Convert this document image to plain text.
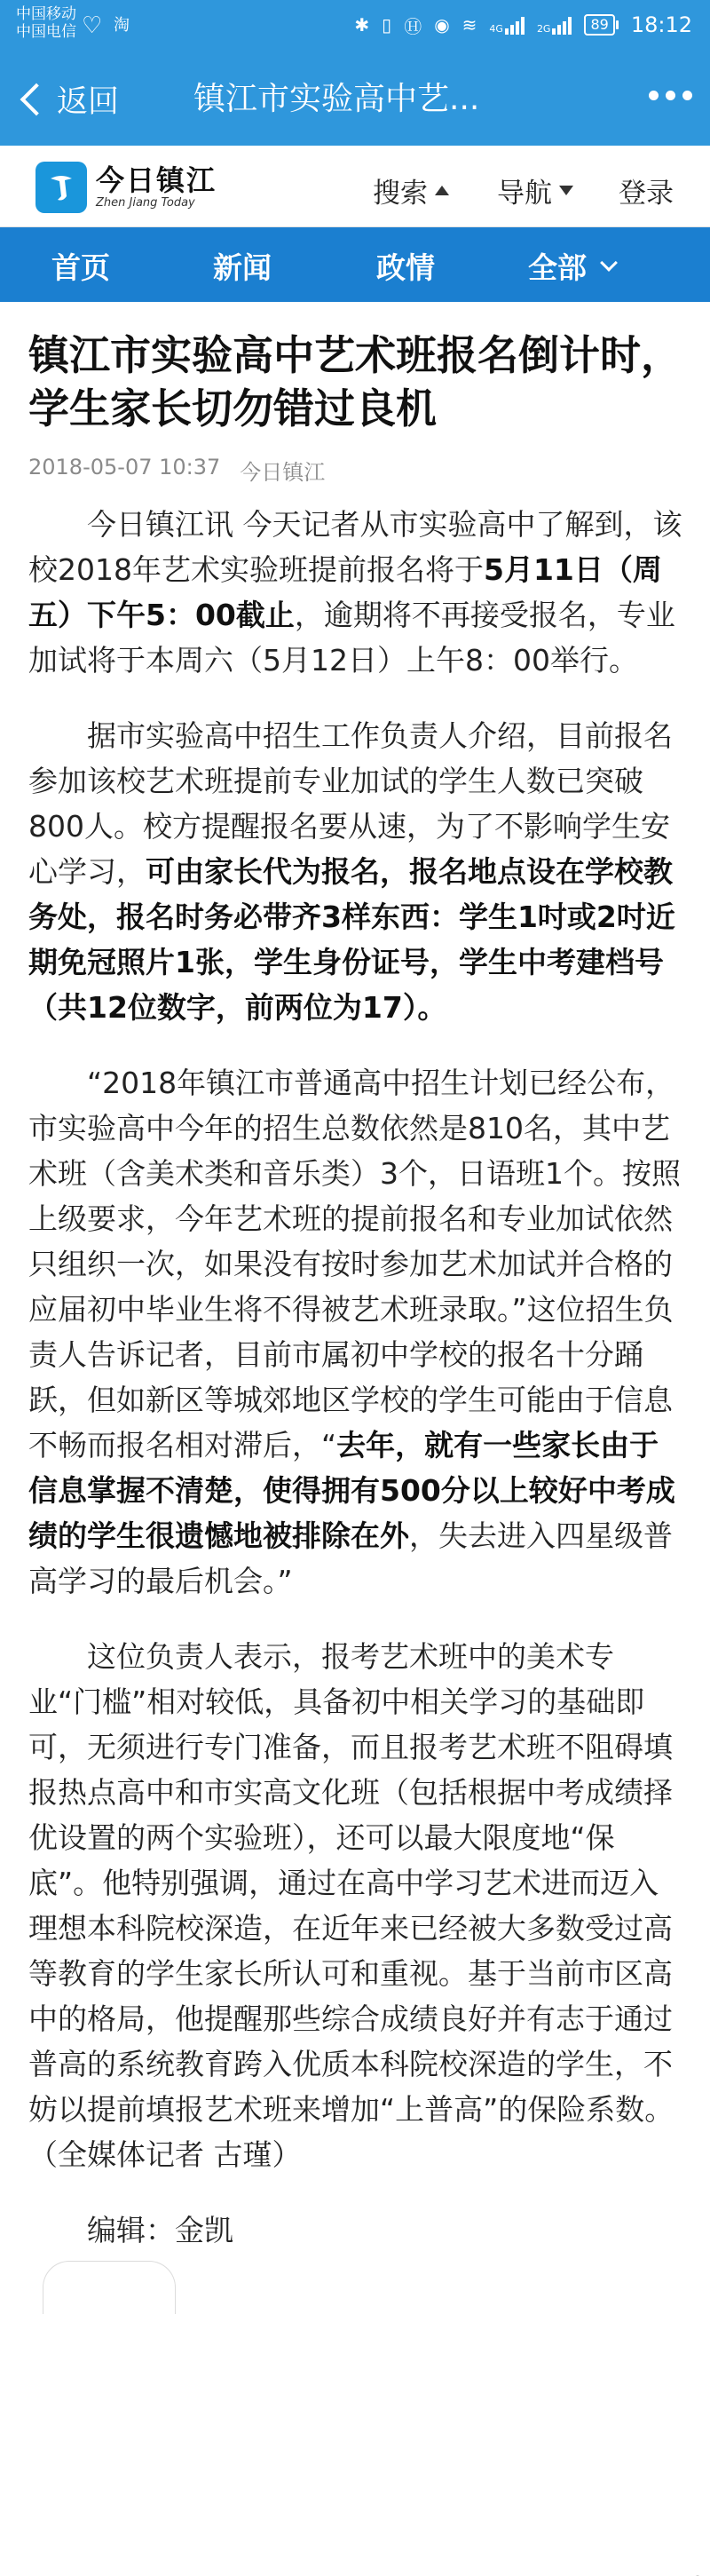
中国移动
中国电信 ♡ 淘	✱ ▯ Ⓗ ◉ ≋ 4G	2G	89 18:12
返回 镇江市实验高中艺...
今日镇江
Zhen Jiang Today	搜索	导航 登录
首页	新闻	政情	全部
镇江市实验高中艺术班报名倒计时，学生家长切勿错过良机
2018-05-07 10:37 今日镇江

今日镇江讯 今天记者从市实验高中了解到，该校2018年艺术实验班提前报名将于5月11日（周五）下午5：00截止，逾期将不再接受报名，专业加试将于本周六（5月12日）上午8：00举行。

据市实验高中招生工作负责人介绍，目前报名参加该校艺术班提前专业加试的学生人数已突破800人。校方提醒报名要从速，为了不影响学生安心学习，可由家长代为报名，报名地点设在学校教务处，报名时务必带齐3样东西：学生1吋或2吋近期免冠照片1张，学生身份证号，学生中考建档号（共12位数字，前两位为17）。

“2018年镇江市普通高中招生计划已经公布，市实验高中今年的招生总数依然是810名，其中艺术班（含美术类和音乐类）3个，日语班1个。按照上级要求，今年艺术班的提前报名和专业加试依然只组织一次，如果没有按时参加艺术加试并合格的应届初中毕业生将不得被艺术班录取。”这位招生负责人告诉记者，目前市属初中学校的报名十分踊跃，但如新区等城郊地区学校的学生可能由于信息不畅而报名相对滞后，“去年，就有一些家长由于信息掌握不清楚，使得拥有500分以上较好中考成绩的学生很遗憾地被排除在外，失去进入四星级普高学习的最后机会。”

这位负责人表示，报考艺术班中的美术专业“门槛”相对较低，具备初中相关学习的基础即可，无须进行专门准备，而且报考艺术班不阻碍填报热点高中和市实高文化班（包括根据中考成绩择优设置的两个实验班），还可以最大限度地“保底”。他特别强调，通过在高中学习艺术进而迈入理想本科院校深造，在近年来已经被大多数受过高等教育的学生家长所认可和重视。基于当前市区高中的格局，他提醒那些综合成绩良好并有志于通过普高的系统教育跨入优质本科院校深造的学生，不妨以提前填报艺术班来增加“上普高”的保险系数。（全媒体记者 古瑾）

编辑：金凯
